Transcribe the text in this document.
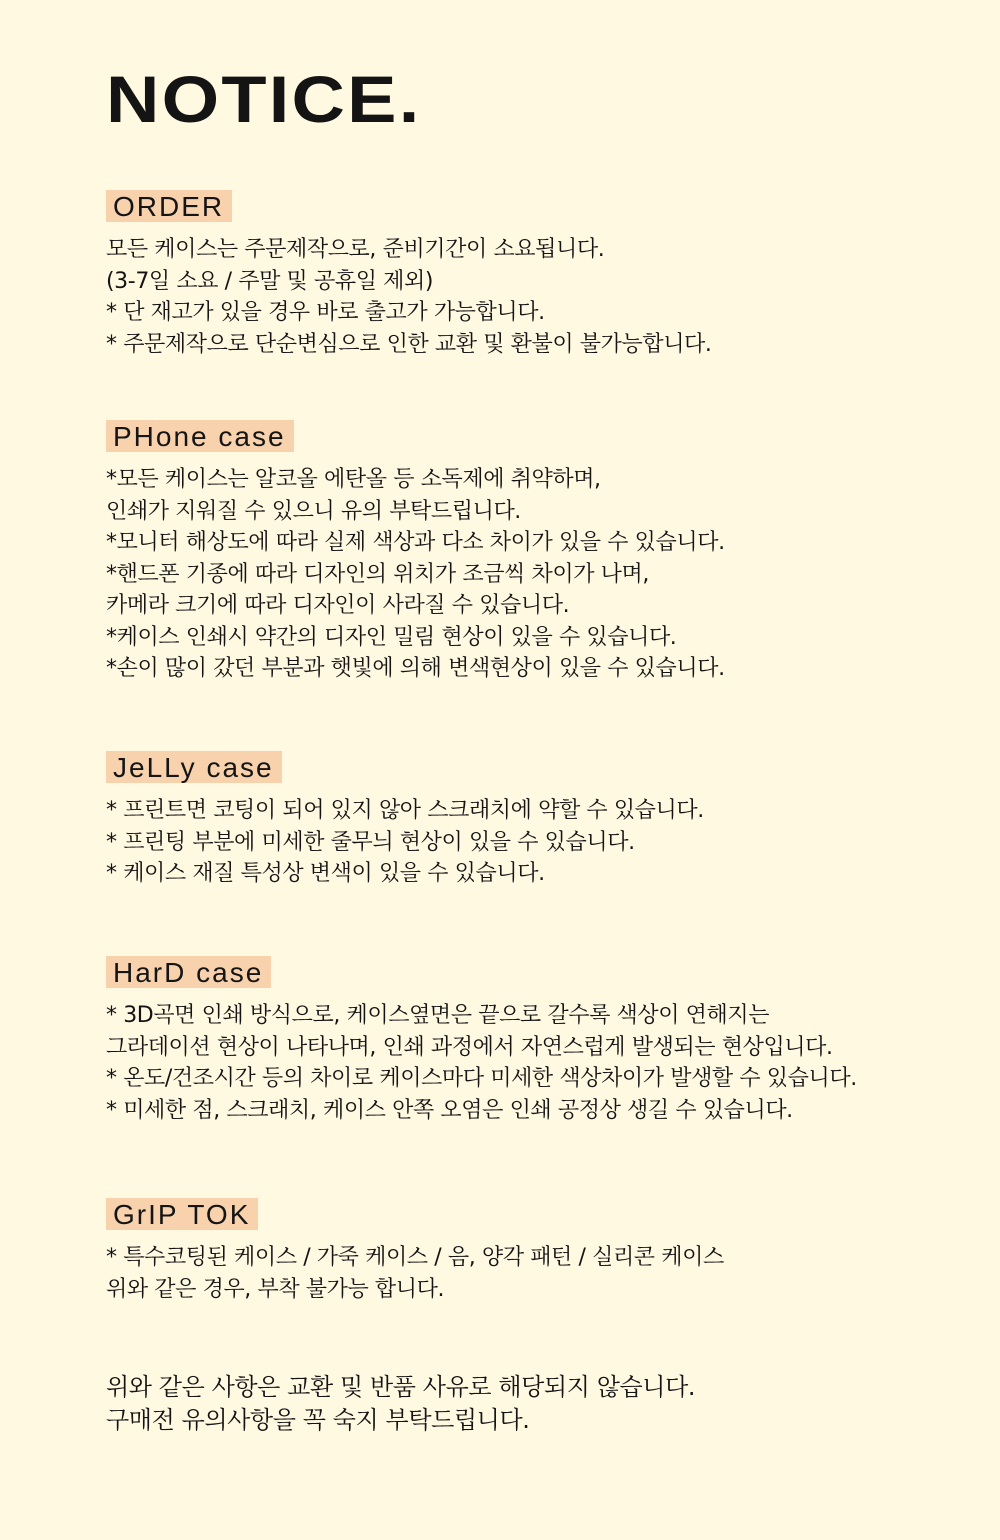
NOTICE.
ORDER
모든 케이스는 주문제작으로, 준비기간이 소요됩니다.
(3-7일 소요 / 주말 및 공휴일 제외)
* 단 재고가 있을 경우 바로 출고가 가능합니다.
* 주문제작으로 단순변심으로 인한 교환 및 환불이 불가능합니다.
PHone case
*모든 케이스는 알코올 에탄올 등 소독제에 취약하며,
인쇄가 지워질 수 있으니 유의 부탁드립니다.
*모니터 해상도에 따라 실제 색상과 다소 차이가 있을 수 있습니다.
*핸드폰 기종에 따라 디자인의 위치가 조금씩 차이가 나며,
카메라 크기에 따라 디자인이 사라질 수 있습니다.
*케이스 인쇄시 약간의 디자인 밀림 현상이 있을 수 있습니다.
*손이 많이 갔던 부분과 햇빛에 의해 변색현상이 있을 수 있습니다.
JeLLy case
* 프린트면 코팅이 되어 있지 않아 스크래치에 약할 수 있습니다.
* 프린팅 부분에 미세한 줄무늬 현상이 있을 수 있습니다.
* 케이스 재질 특성상 변색이 있을 수 있습니다.
HarD case
* 3D곡면 인쇄 방식으로, 케이스옆면은 끝으로 갈수록 색상이 연해지는
그라데이션 현상이 나타나며, 인쇄 과정에서 자연스럽게 발생되는 현상입니다.
* 온도/건조시간 등의 차이로 케이스마다 미세한 색상차이가 발생할 수 있습니다.
* 미세한 점, 스크래치, 케이스 안쪽 오염은 인쇄 공정상 생길 수 있습니다.
GrIP TOK
* 특수코팅된 케이스 / 가죽 케이스 / 음, 양각 패턴 / 실리콘 케이스
위와 같은 경우, 부착 불가능 합니다.
위와 같은 사항은 교환 및 반품 사유로 해당되지 않습니다.
구매전 유의사항을 꼭 숙지 부탁드립니다.
